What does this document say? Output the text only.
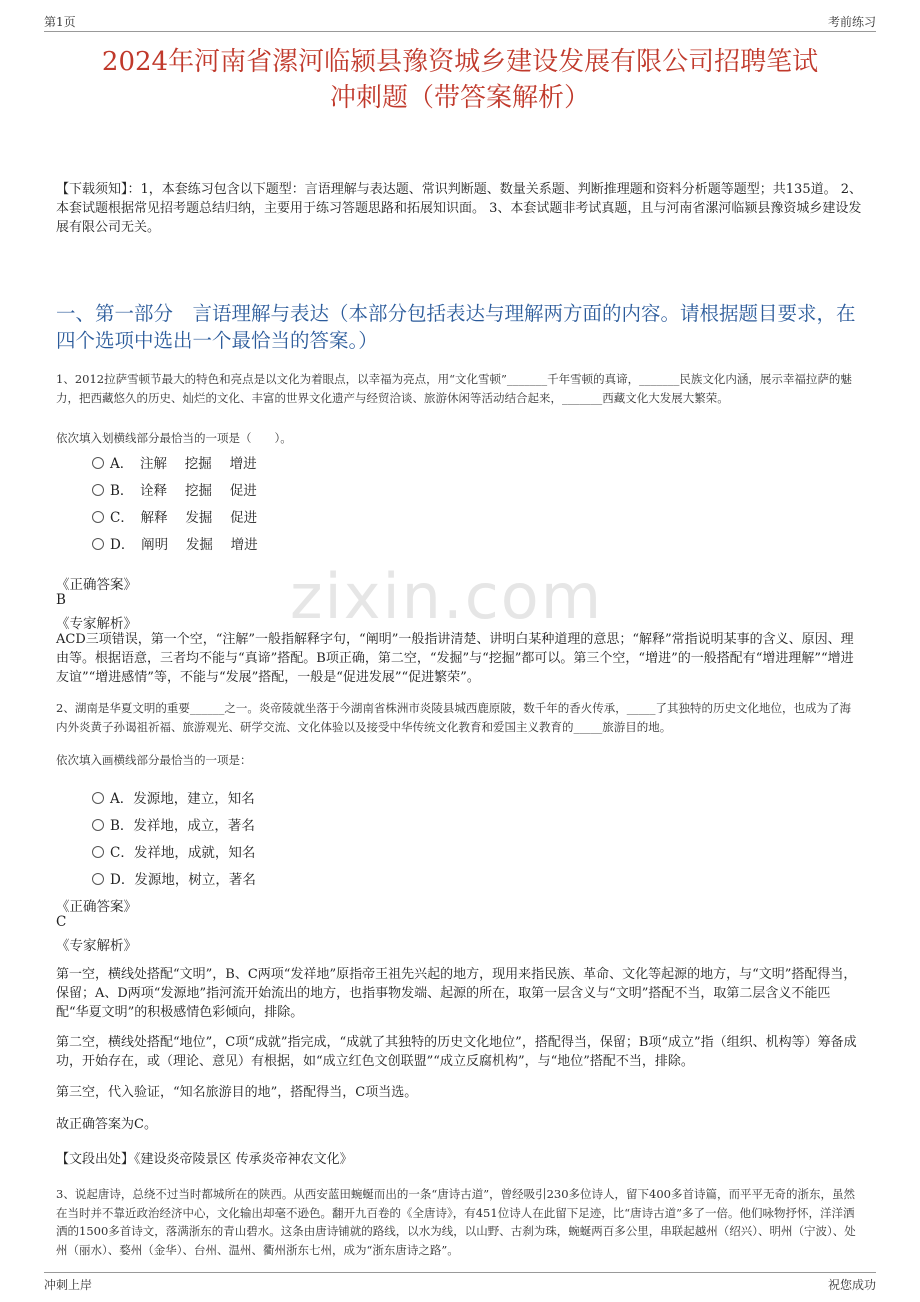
第1页	考前练习
2024年河南省漯河临颍县豫资城乡建设发展有限公司招聘笔试
冲刺题（带答案解析）
【下载须知】：1，本套练习包含以下题型：言语理解与表达题、常识判断题、数量关系题、判断推理题和资料分析题等题型；共135道。 2、本套试题根据常见招考题总结归纳，主要用于练习答题思路和拓展知识面。 3、本套试题非考试真题，且与河南省漯河临颍县豫资城乡建设发展有限公司无关。
一、第一部分　言语理解与表达（本部分包括表达与理解两方面的内容。请根据题目要求，在四个选项中选出一个最恰当的答案。）
zixin.com
1、2012拉萨雪顿节最大的特色和亮点是以文化为着眼点，以幸福为亮点，用“文化雪顿”_______千年雪顿的真谛，_______民族文化内涵，展示幸福拉萨的魅力，把西藏悠久的历史、灿烂的文化、丰富的世界文化遗产与经贸洽谈、旅游休闲等活动结合起来，_______西藏文化大发展大繁荣。
依次填入划横线部分最恰当的一项是（　　）。
A．　注解　 挖掘　 增进
B．　诠释　 挖掘　 促进
C．　解释　 发掘　 促进
D．　阐明　 发掘　 增进
《正确答案》
B
《专家解析》
ACD三项错误，第一个空，“注解”一般指解释字句，“阐明”一般指讲清楚、讲明白某种道理的意思；“解释”常指说明某事的含义、原因、理由等。根据语意，三者均不能与“真谛”搭配。B项正确，第二空，“发掘”与“挖掘”都可以。第三个空，“增进”的一般搭配有“增进理解”“增进友谊”“增进感情”等，不能与“发展”搭配，一般是“促进发展”“促进繁荣”。
2、湖南是华夏文明的重要______之一。炎帝陵就坐落于今湖南省株洲市炎陵县城西鹿原陂，数千年的香火传承，_____了其独特的历史文化地位，也成为了海内外炎黄子孙谒祖祈福、旅游观光、研学交流、文化体验以及接受中华传统文化教育和爱国主义教育的_____旅游目的地。
依次填入画横线部分最恰当的一项是：
A．发源地，建立，知名
B．发祥地，成立，著名
C．发祥地，成就，知名
D．发源地，树立，著名
《正确答案》
C
《专家解析》
第一空，横线处搭配“文明”，B、C两项“发祥地”原指帝王祖先兴起的地方，现用来指民族、革命、文化等起源的地方，与“文明”搭配得当，保留；A、D两项“发源地”指河流开始流出的地方，也指事物发端、起源的所在，取第一层含义与“文明”搭配不当，取第二层含义不能匹配“华夏文明”的积极感情色彩倾向，排除。
第二空，横线处搭配“地位”，C项“成就”指完成，“成就了其独特的历史文化地位”，搭配得当，保留；B项“成立”指（组织、机构等）筹备成功，开始存在，或（理论、意见）有根据，如“成立红色文创联盟”“成立反腐机构”，与“地位”搭配不当，排除。
第三空，代入验证，“知名旅游目的地”，搭配得当，C项当选。
故正确答案为C。
【文段出处】《建设炎帝陵景区 传承炎帝神农文化》
3、说起唐诗，总绕不过当时都城所在的陕西。从西安蓝田蜿蜒而出的一条“唐诗古道”，曾经吸引230多位诗人，留下400多首诗篇，而平平无奇的浙东，虽然在当时并不靠近政治经济中心，文化输出却毫不逊色。翻开九百卷的《全唐诗》，有451位诗人在此留下足迹，比“唐诗古道”多了一倍。他们咏物抒怀，洋洋洒洒的1500多首诗文，落满浙东的青山碧水。这条由唐诗铺就的路线，以水为线，以山野、古刹为珠，蜿蜒两百多公里，串联起越州（绍兴）、明州（宁波）、处州（丽水）、婺州（金华）、台州、温州、衢州浙东七州，成为“浙东唐诗之路”。
冲刺上岸	祝您成功
